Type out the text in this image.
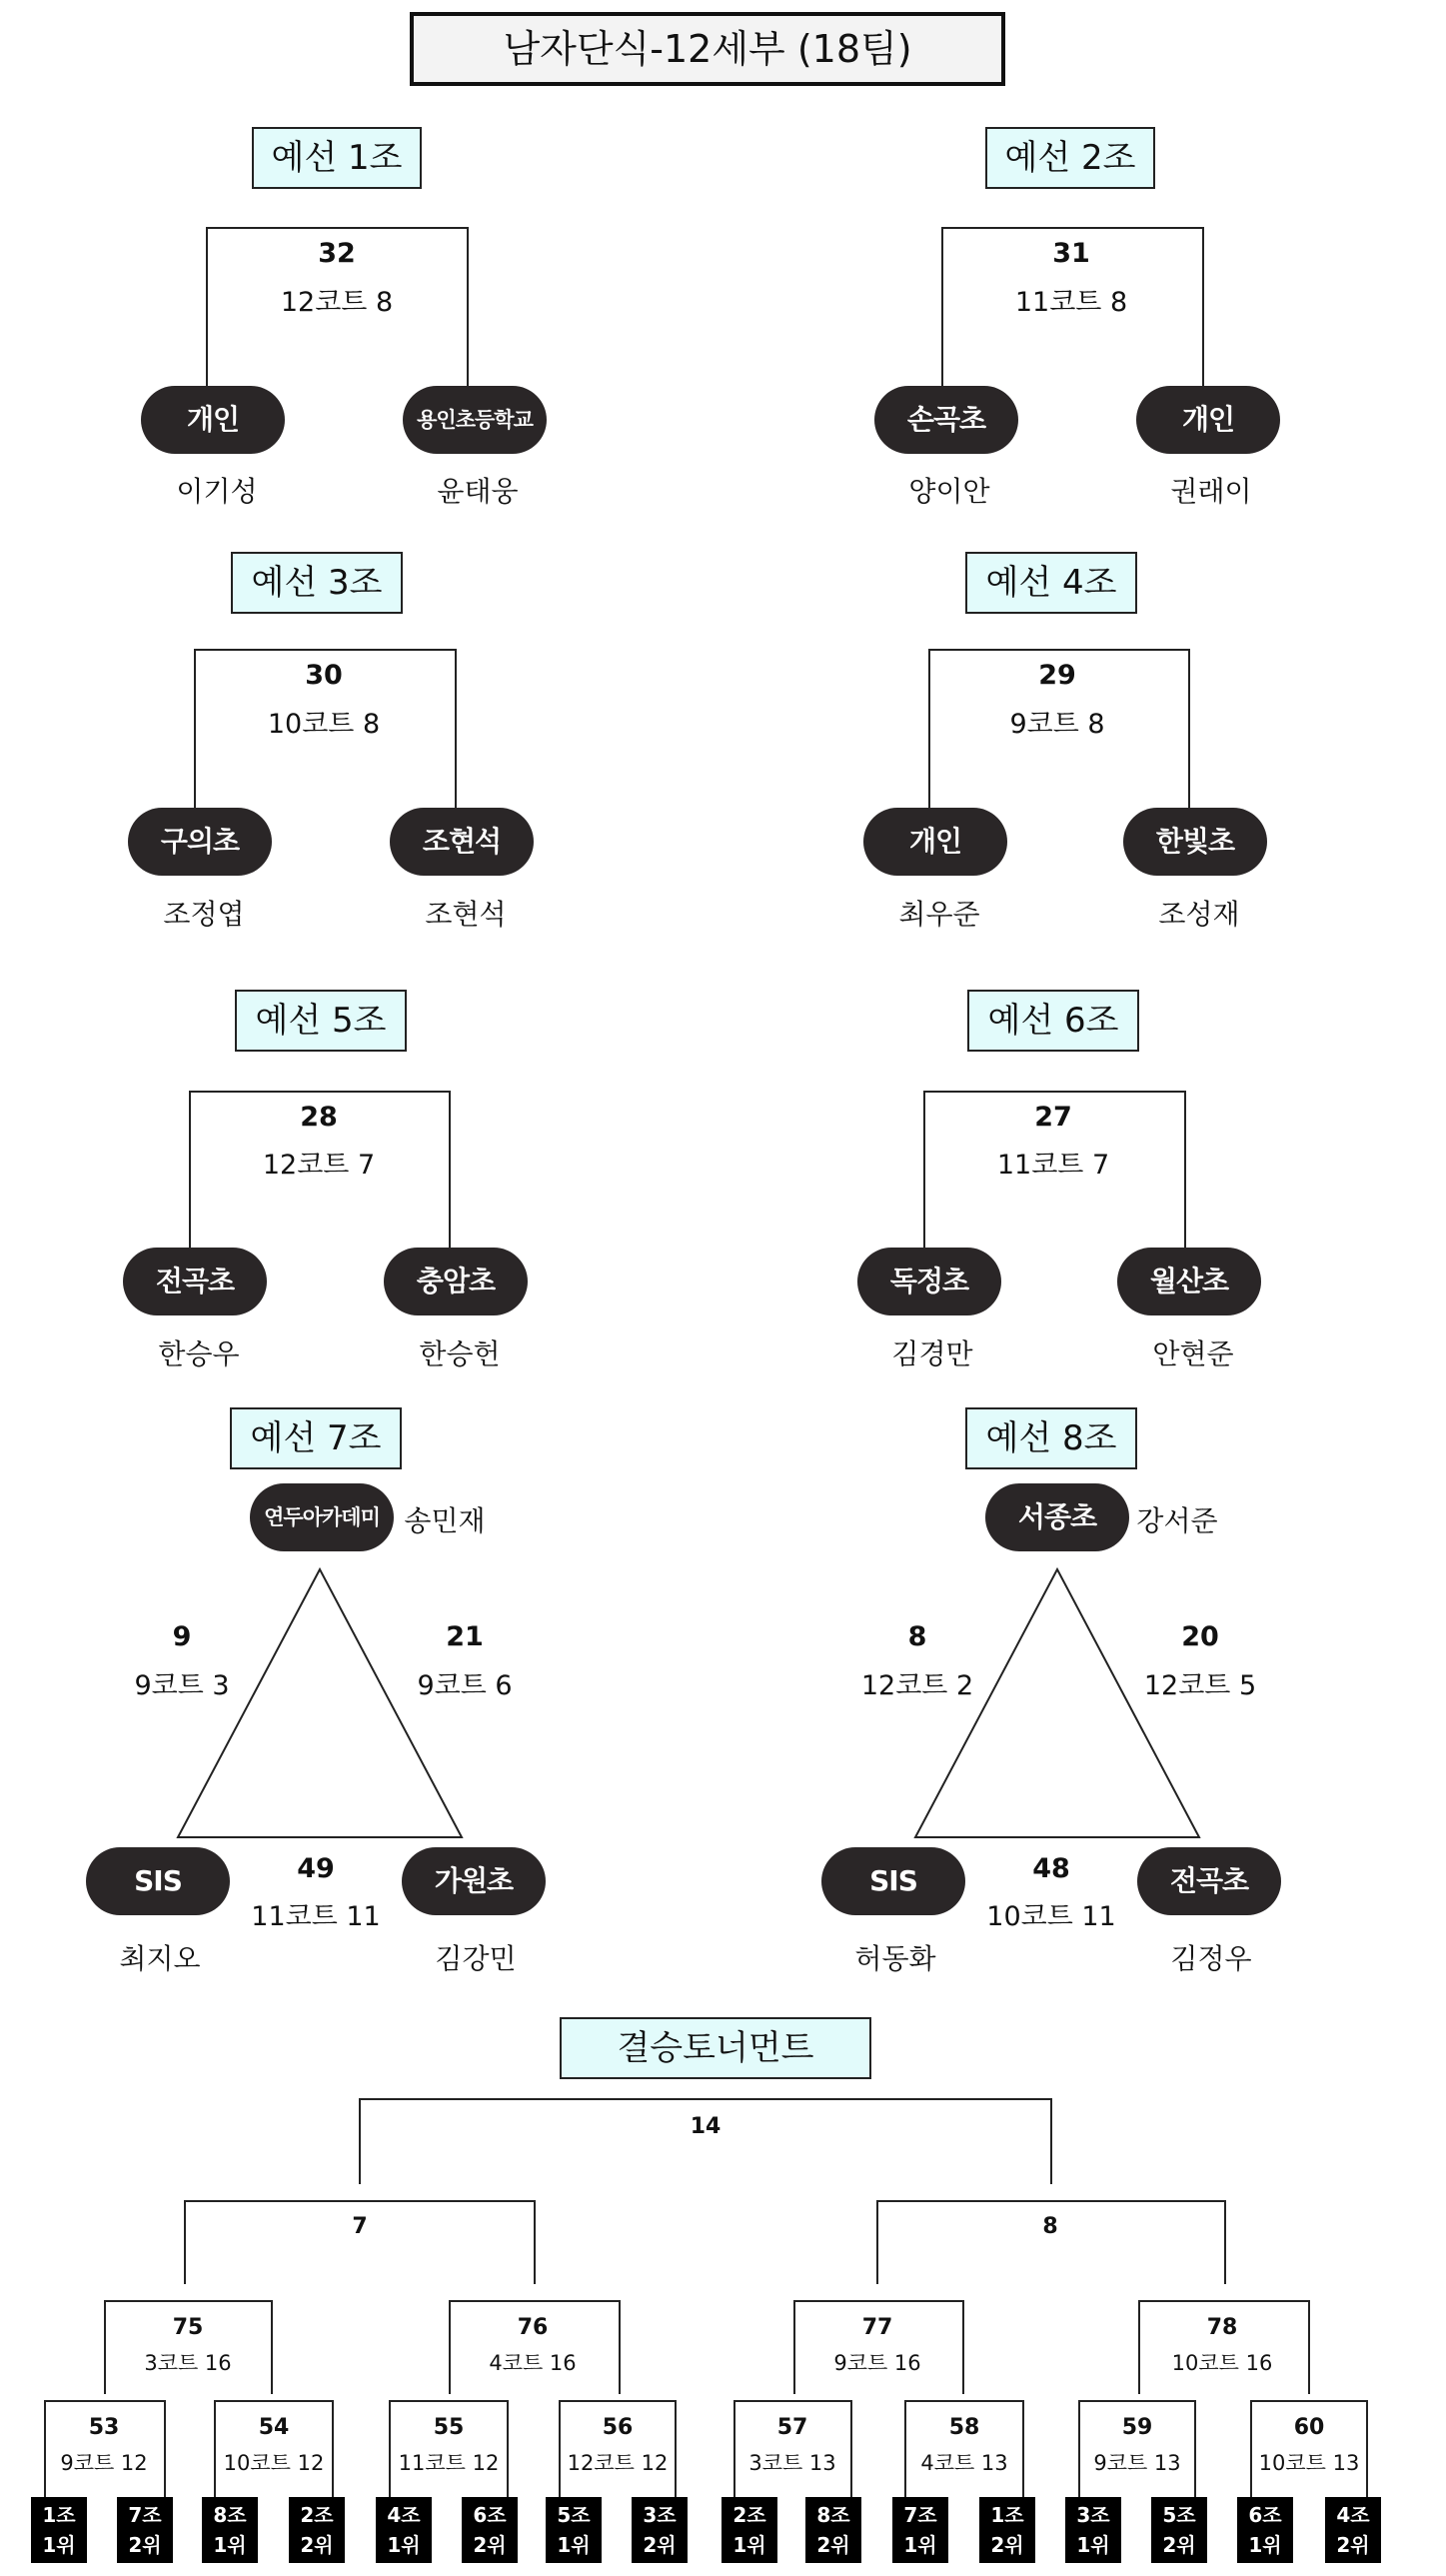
남자단식-12세부 (18팀)
예선 1조
32
12코트 8
개인	용인초등학교
이기성	윤태웅
예선 2조
31
11코트 8
손곡초	개인
양이안	권래이
예선 3조
30
10코트 8
구의초	조현석
조정엽	조현석
예선 4조
29
9코트 8
개인	한빛초
최우준	조성재
예선 5조
28
12코트 7
전곡초	충암초
한승우	한승헌
예선 6조
27
11코트 7
독정초	월산초
김경만	안현준
예선 7조
연두아카데미 송민재
9
9코트 3
21
9코트 6
SIS	가원초
49
11코트 11
최지오	김강민
예선 8조
서종초	강서준
8
12코트 2
20
12코트 5
SIS	전곡초
48
10코트 11
허동화	김정우
결승토너먼트
14
7	8
75
3코트 16
76
4코트 16
77
9코트 16
78
10코트 16
53
9코트 12
54
10코트 12
55
11코트 12
56
12코트 12
57
3코트 13
58
4코트 13
59
9코트 13
60
10코트 13
1조
1위
7조
2위
8조
1위
2조
2위
4조
1위
6조
2위
5조
1위
3조
2위
2조
1위
8조
2위
7조
1위
1조
2위
3조
1위
5조
2위
6조
1위
4조
2위
